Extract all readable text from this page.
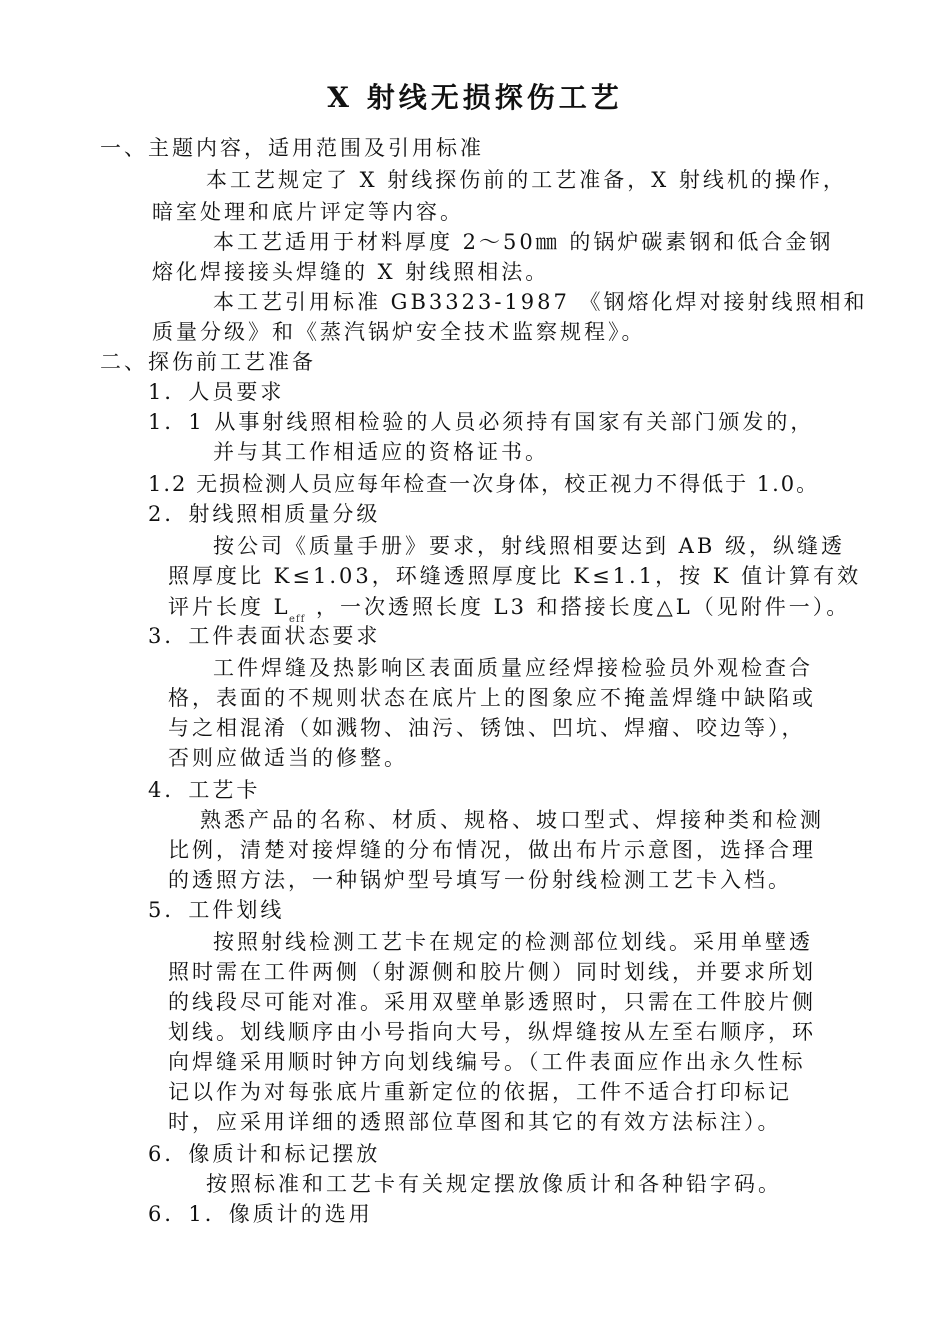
X 射线无损探伤工艺
一、主题内容，适用范围及引用标准
本工艺规定了 X 射线探伤前的工艺准备，X 射线机的操作，
暗室处理和底片评定等内容。
本工艺适用于材料厚度 2～50㎜ 的锅炉碳素钢和低合金钢
熔化焊接接头焊缝的 X 射线照相法。
本工艺引用标准 GB3323-1987 《钢熔化焊对接射线照相和
质量分级》和《蒸汽锅炉安全技术监察规程》。
二、探伤前工艺准备
1．人员要求
1．1 从事射线照相检验的人员必须持有国家有关部门颁发的，
并与其工作相适应的资格证书。
1.2 无损检测人员应每年检查一次身体，校正视力不得低于 1.0。
2．射线照相质量分级
按公司《质量手册》要求，射线照相要达到 AB 级，纵缝透
照厚度比 K≤1.03，环缝透照厚度比 K≤1.1，按 K 值计算有效
评片长度 L
eff
，一次透照长度 L3 和搭接长度△L（见附件一）。
3．工件表面状态要求
工件焊缝及热影响区表面质量应经焊接检验员外观检查合
格，表面的不规则状态在底片上的图象应不掩盖焊缝中缺陷或
与之相混淆（如溅物、油污、锈蚀、凹坑、焊瘤、咬边等），
否则应做适当的修整。
4．工艺卡
熟悉产品的名称、材质、规格、坡口型式、焊接种类和检测
比例，清楚对接焊缝的分布情况，做出布片示意图，选择合理
的透照方法，一种锅炉型号填写一份射线检测工艺卡入档。
5．工件划线
按照射线检测工艺卡在规定的检测部位划线。采用单壁透
照时需在工件两侧（射源侧和胶片侧）同时划线，并要求所划
的线段尽可能对准。采用双壁单影透照时，只需在工件胶片侧
划线。划线顺序由小号指向大号，纵焊缝按从左至右顺序，环
向焊缝采用顺时钟方向划线编号。（工件表面应作出永久性标
记以作为对每张底片重新定位的依据，工件不适合打印标记
时，应采用详细的透照部位草图和其它的有效方法标注）。
6．像质计和标记摆放
按照标准和工艺卡有关规定摆放像质计和各种铅字码。
6．1．像质计的选用
